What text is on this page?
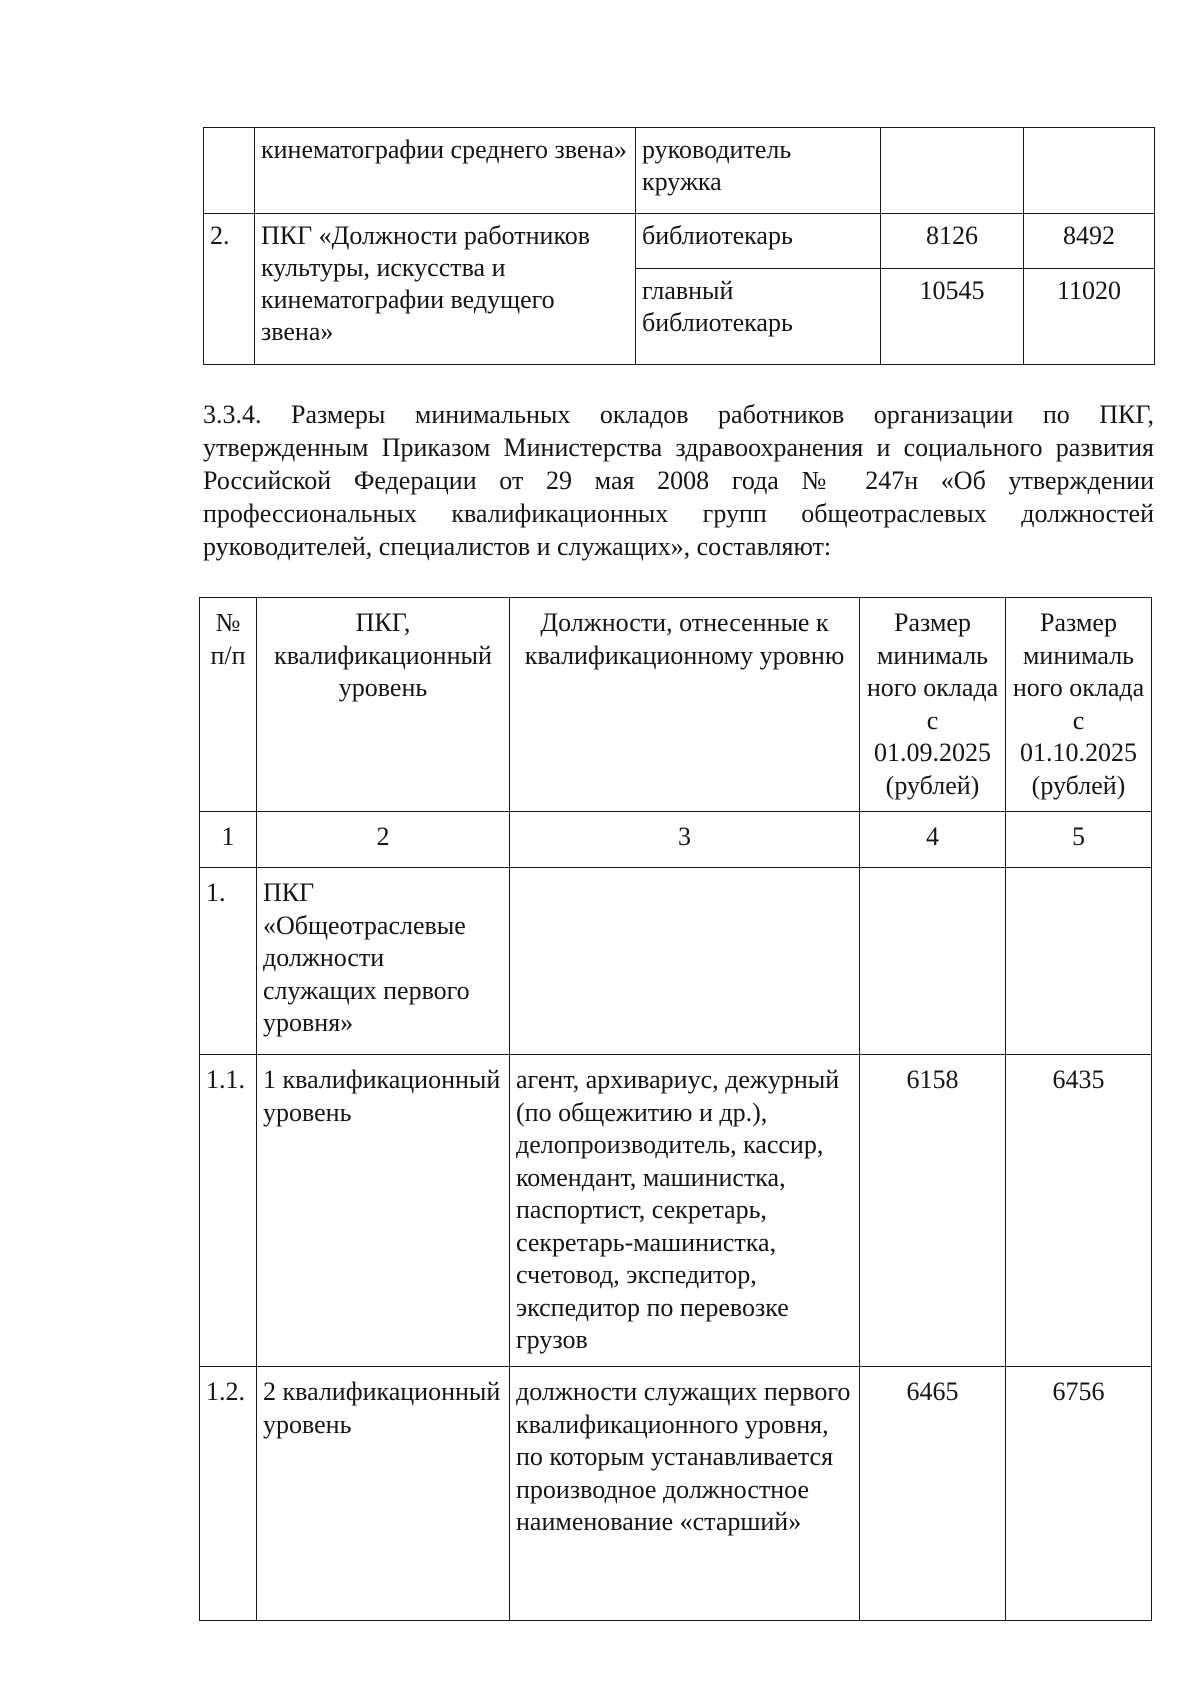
	кинематографии среднего звена»	руководитель кружка		
2.	ПКГ «Должности работников культуры, искусства и кинематографии ведущего звена»	библиотекарь	8126	8492
		главный библиотекарь	10545	11020

3.3.4. Размеры минимальных окладов работников организации по ПКГ, утвержденным Приказом Министерства здравоохранения и социального развития Российской Федерации от 29 мая 2008 года № 247н «Об утверждении профессиональных квалификационных групп общеотраслевых должностей руководителей, специалистов и служащих», составляют:

№ п/п	ПКГ, квалификационный уровень	Должности, отнесенные к квалификационному уровню	Размер минималь ного оклада с 01.09.2025 (рублей)	Размер минималь ного оклада с 01.10.2025 (рублей)
1	2	3	4	5
1.	ПКГ «Общеотраслевые должности служащих первого уровня»			
1.1.	1 квалификационный уровень	агент, архивариус, дежурный (по общежитию и др.), делопроизводитель, кассир, комендант, машинистка, паспортист, секретарь, секретарь-машинистка, счетовод, экспедитор, экспедитор по перевозке грузов	6158	6435
1.2.	2 квалификационный уровень	должности служащих первого квалификационного уровня, по которым устанавливается производное должностное наименование «старший»	6465	6756
